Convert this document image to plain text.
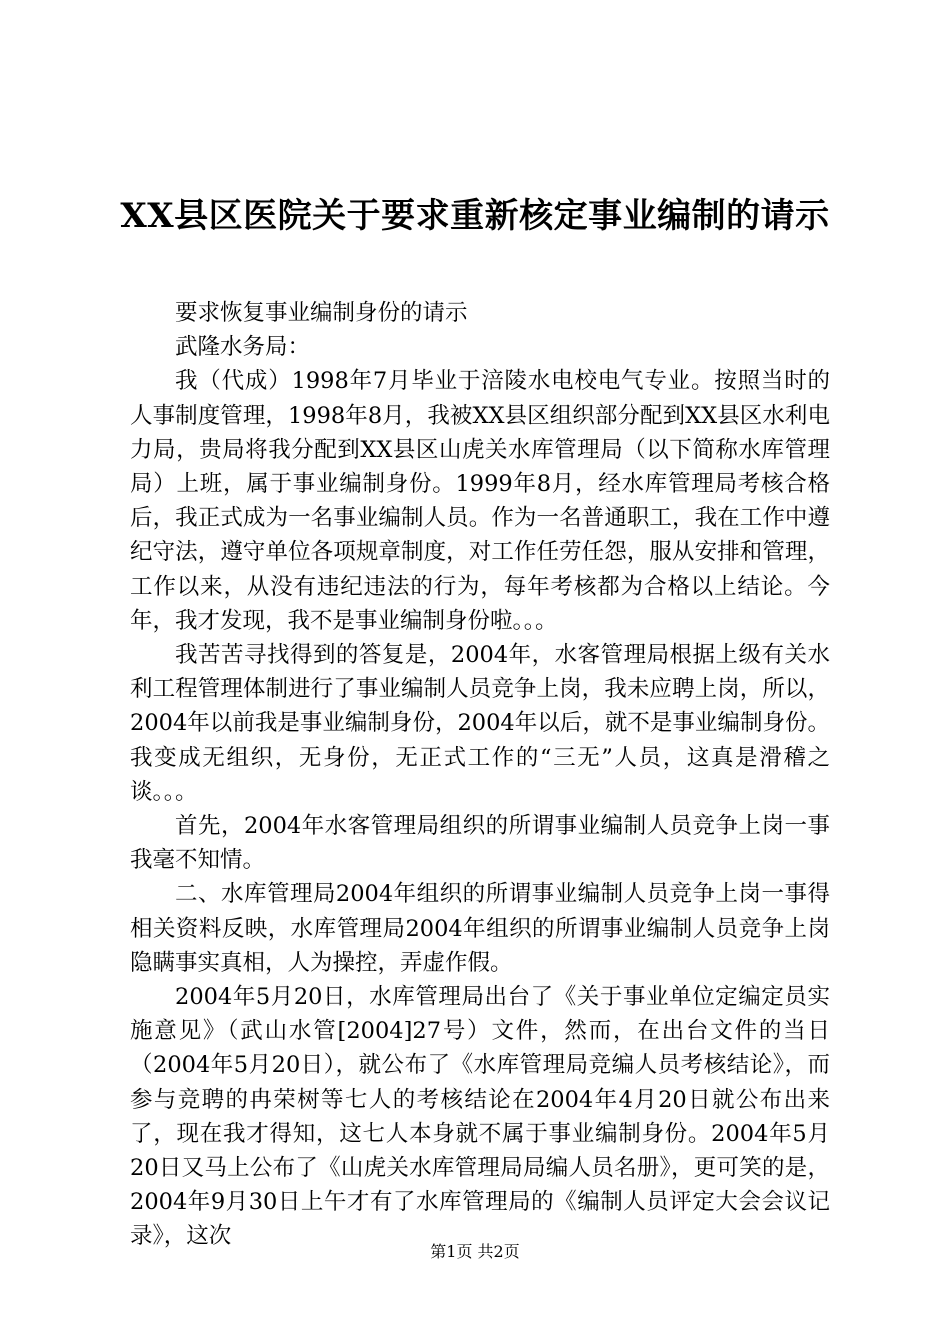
XX县区医院关于要求重新核定事业编制的请示

要求恢复事业编制身份的请示

武隆水务局：

我（代成）1998年7月毕业于涪陵水电校电气专业。按照当时的人事制度管理，1998年8月，我被XX县区组织部分配到XX县区水利电力局，贵局将我分配到XX县区山虎关水库管理局（以下简称水库管理局）上班，属于事业编制身份。1999年8月，经水库管理局考核合格后，我正式成为一名事业编制人员。作为一名普通职工，我在工作中遵纪守法，遵守单位各项规章制度，对工作任劳任怨，服从安排和管理，工作以来，从没有违纪违法的行为，每年考核都为合格以上结论。今年，我才发现，我不是事业编制身份啦。。。

我苦苦寻找得到的答复是，2004年，水客管理局根据上级有关水利工程管理体制进行了事业编制人员竞争上岗，我未应聘上岗，所以，2004年以前我是事业编制身份，2004年以后，就不是事业编制身份。我变成无组织，无身份，无正式工作的“三无”人员，这真是滑稽之谈。。。

首先，2004年水客管理局组织的所谓事业编制人员竞争上岗一事我毫不知情。

二、水库管理局2004年组织的所谓事业编制人员竞争上岗一事得相关资料反映，水库管理局2004年组织的所谓事业编制人员竞争上岗隐瞒事实真相，人为操控，弄虚作假。

2004年5月20日，水库管理局出台了《关于事业单位定编定员实施意见》（武山水管[2004]27号）文件，然而，在出台文件的当日（2004年5月20日），就公布了《水库管理局竞编人员考核结论》，而参与竞聘的冉荣树等七人的考核结论在2004年4月20日就公布出来了，现在我才得知，这七人本身就不属于事业编制身份。2004年5月20日又马上公布了《山虎关水库管理局局编人员名册》，更可笑的是，2004年9月30日上午才有了水库管理局的《编制人员评定大会会议记录》，这次

第1页 共2页
